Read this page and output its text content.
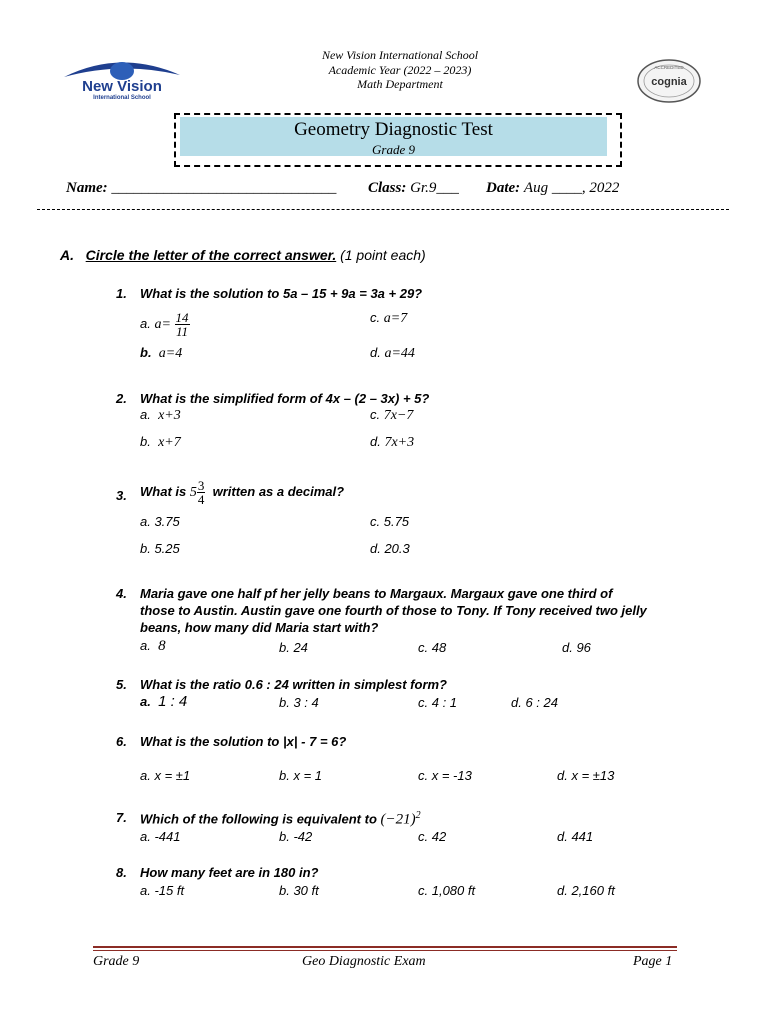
New Vision
International School
New Vision International School
Academic Year (2022 – 2023)
Math Department
ACCREDITED
cognia
Geometry Diagnostic Test
Grade 9
Name: ______________________________ Class: Gr.9___ Date: Aug ____, 2022
A. Circle the letter of the correct answer. (1 point each)
1. What is the solution to 5a – 15 + 9a = 3a + 29?
a. $a= \frac{14}{11}$	c. a=7
b. a=4	d. a=44
2. What is the simplified form of 4x – (2 – 3x) + 5?
a. x+3	c. 7x−7
b. x+7	d. 7x+3
3. What is $5 \frac{3}{4}$ written as a decimal?
a. 3.75	c. 5.75
b. 5.25	d. 20.3
4. Maria gave one half pf her jelly beans to Margaux. Margaux gave one third of
those to Austin. Austin gave one fourth of those to Tony. If Tony received two jelly
beans, how many did Maria start with?
a. 8	b. 24	c. 48	d. 96
5. What is the ratio 0.6 : 24 written in simplest form?
a. 1 : 4	b. 3 : 4	c. 4 : 1	d. 6 : 24
6. What is the solution to |x| - 7 = 6?
a. x = ±1	b. x = 1	c. x = -13	d. x = ±13
7. Which of the following is equivalent to $(-21)^2$
a. -441	b. -42	c. 42	d. 441
8. How many feet are in 180 in?
a. -15 ft	b. 30 ft	c. 1,080 ft	d. 2,160 ft
Grade 9	Geo Diagnostic Exam	Page 1
